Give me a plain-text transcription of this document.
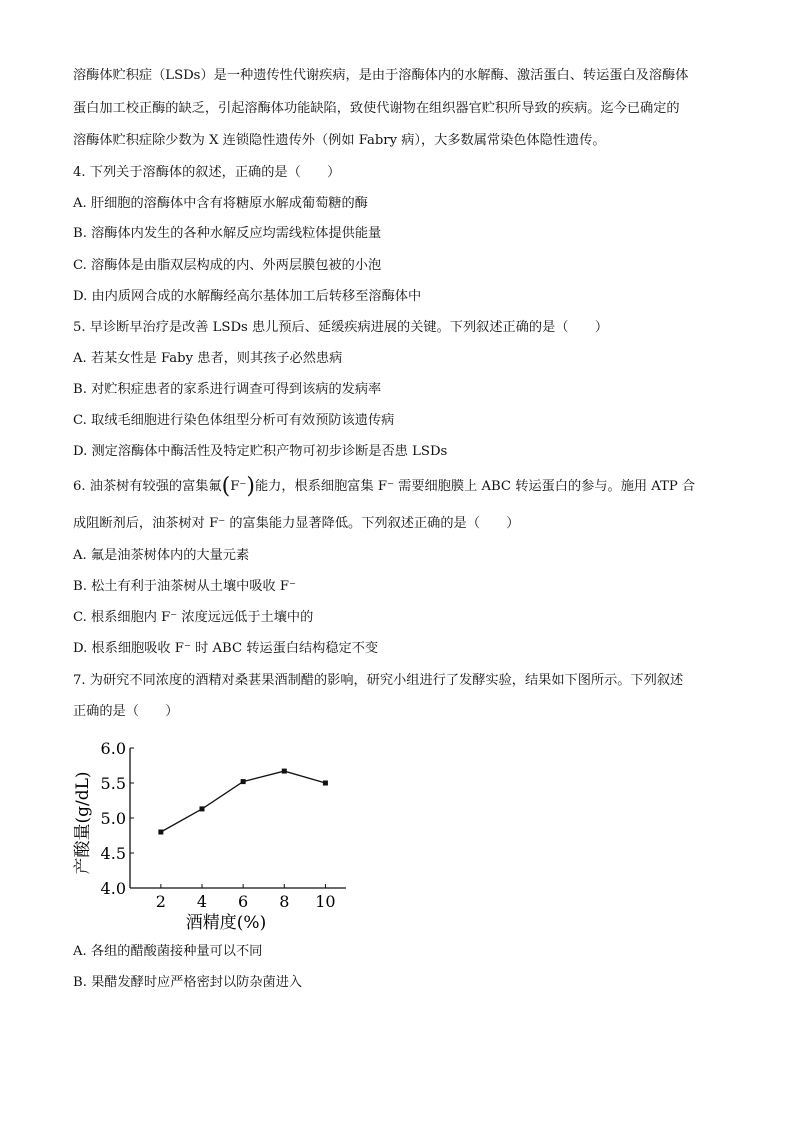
溶酶体贮积症（LSDs）是一种遗传性代谢疾病，是由于溶酶体内的水解酶、激活蛋白、转运蛋白及溶酶体
蛋白加工校正酶的缺乏，引起溶酶体功能缺陷，致使代谢物在组织器官贮积所导致的疾病。迄今已确定的
溶酶体贮积症除少数为 X 连锁隐性遗传外（例如 Fabry 病），大多数属常染色体隐性遗传。
4. 下列关于溶酶体的叙述，正确的是（　　）
A. 肝细胞的溶酶体中含有将糖原水解成葡萄糖的酶
B. 溶酶体内发生的各种水解反应均需线粒体提供能量
C. 溶酶体是由脂双层构成的内、外两层膜包被的小泡
D. 由内质网合成的水解酶经高尔基体加工后转移至溶酶体中
5. 早诊断早治疗是改善 LSDs 患儿预后、延缓疾病进展的关键。下列叙述正确的是（　　）
A. 若某女性是 Faby 患者，则其孩子必然患病
B. 对贮积症患者的家系进行调查可得到该病的发病率
C. 取绒毛细胞进行染色体组型分析可有效预防该遗传病
D. 测定溶酶体中酶活性及特定贮积产物可初步诊断是否患 LSDs
6. 油茶树有较强的富集氟(F⁻)能力，根系细胞富集 F⁻ 需要细胞膜上 ABC 转运蛋白的参与。施用 ATP 合
成阻断剂后，油茶树对 F⁻ 的富集能力显著降低。下列叙述正确的是（　　）
A. 氟是油茶树体内的大量元素
B. 松土有利于油茶树从土壤中吸收 F⁻
C. 根系细胞内 F⁻ 浓度远远低于土壤中的
D. 根系细胞吸收 F⁻ 时 ABC 转运蛋白结构稳定不变
7. 为研究不同浓度的酒精对桑葚果酒制醋的影响，研究小组进行了发酵实验，结果如下图所示。下列叙述
正确的是（　　）
2 4 6 8 10
4.0
4.5
5.0
5.5
6.0
酒精度(%)
产酸量(g/dL)
A. 各组的醋酸菌接种量可以不同
B. 果醋发酵时应严格密封以防杂菌进入
